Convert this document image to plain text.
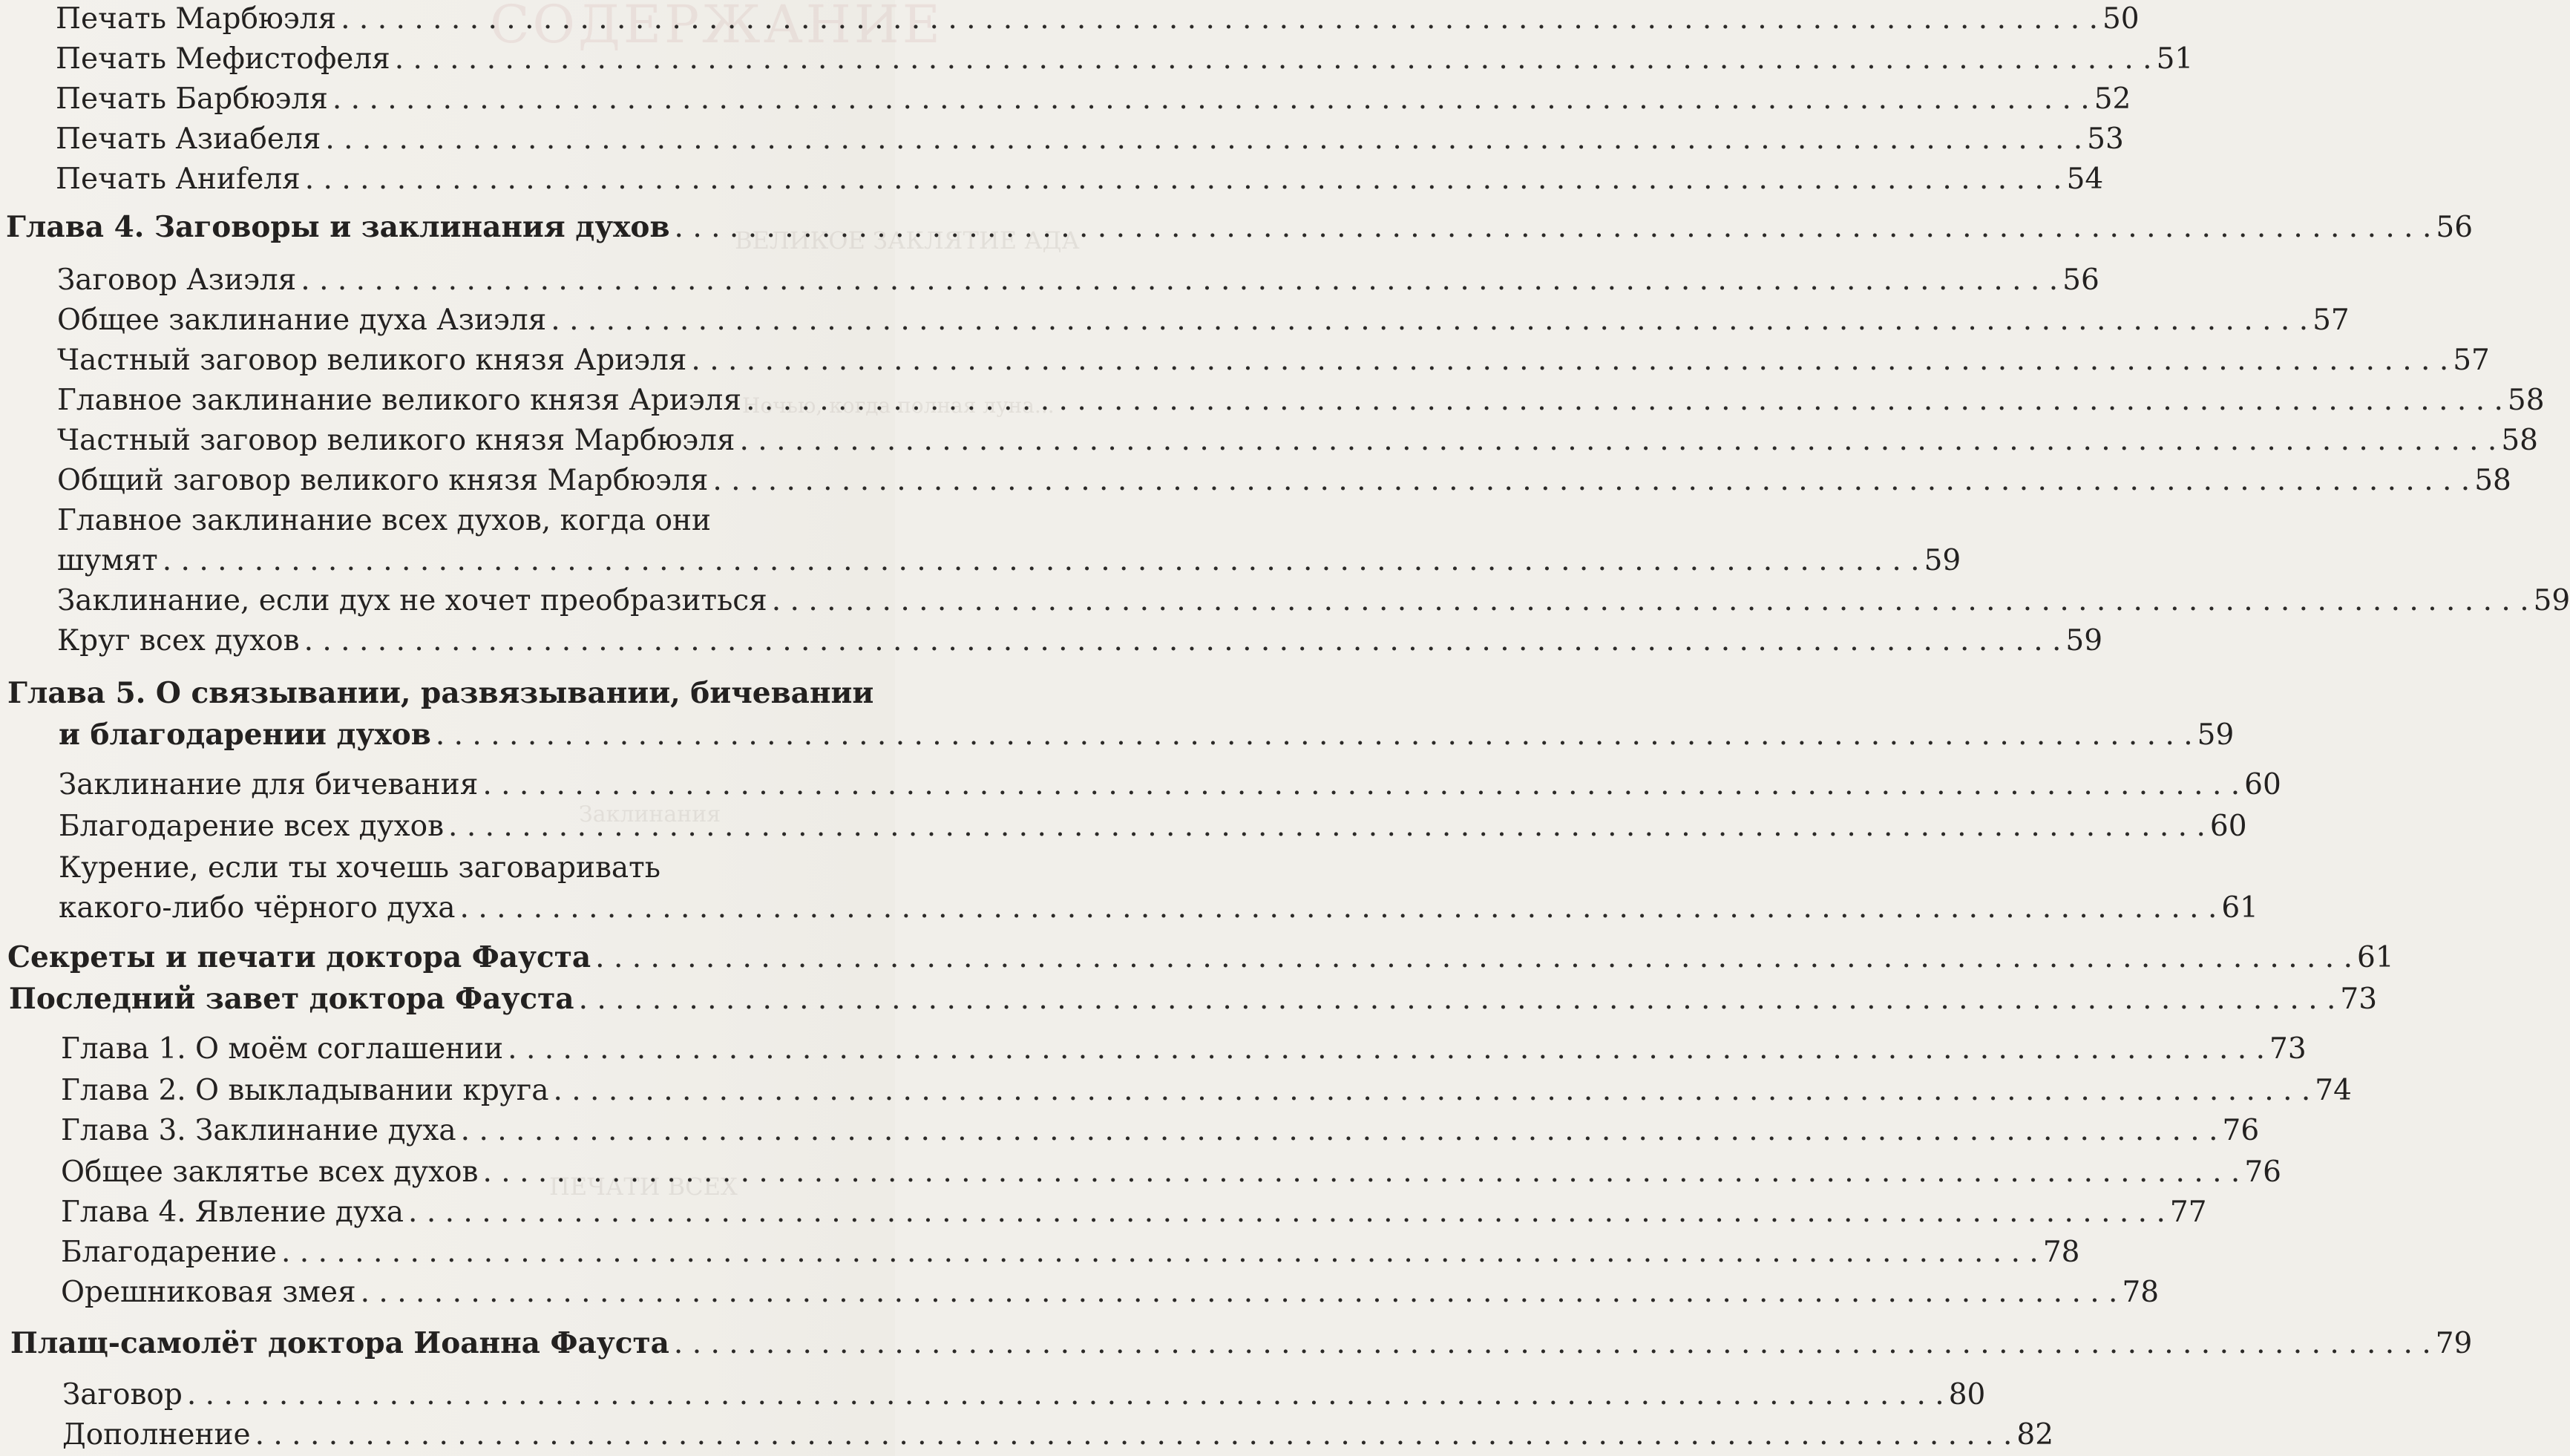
СОДЕРЖАНИЕ
ВЕЛИКОЕ ЗАКЛЯТИЕ АДА
Ночью, когда полная луна...
Заклинания
ПЕЧАТИ ВСЕХ
Печать Марбюэля . . .	50
Печать Мефистофеля . . .	51
Печать Барбюэля . . .	52
Печать Азиабеля . . .	53
Печать Аниfеля . . .	54
Глава 4. Заговоры и заклинания духов . . .	56
Заговор Азиэля . . .	56
Общее заклинание духа Азиэля . . .	57
Частный заговор великого князя Ариэля . . .	57
Главное заклинание великого князя Ариэля . . .	58
Частный заговор великого князя Марбюэля . . .	58
Общий заговор великого князя Марбюэля . . .	58
Главное заклинание всех духов, когда они
шумят . . .	59
Заклинание, если дух не хочет преобразиться . . .	59
Круг всех духов . . .	59
Глава 5. О связывании, развязывании, бичевании
и благодарении духов . . .	59
Заклинание для бичевания . . .	60
Благодарение всех духов . . .	60
Курение, если ты хочешь заговаривать
какого-либо чёрного духа . . .	61
Секреты и печати доктора Фауста . . .	61
Последний завет доктора Фауста . . .	73
Глава 1. О моём соглашении . . .	73
Глава 2. О выкладывании круга . . .	74
Глава 3. Заклинание духа . . .	76
Общее заклятье всех духов . . .	76
Глава 4. Явление духа . . .	77
Благодарение . . .	78
Орешниковая змея . . .	78
Плащ-самолёт доктора Иоанна Фауста . . .	79
Заговор . . .	80
Дополнение . . .	82
